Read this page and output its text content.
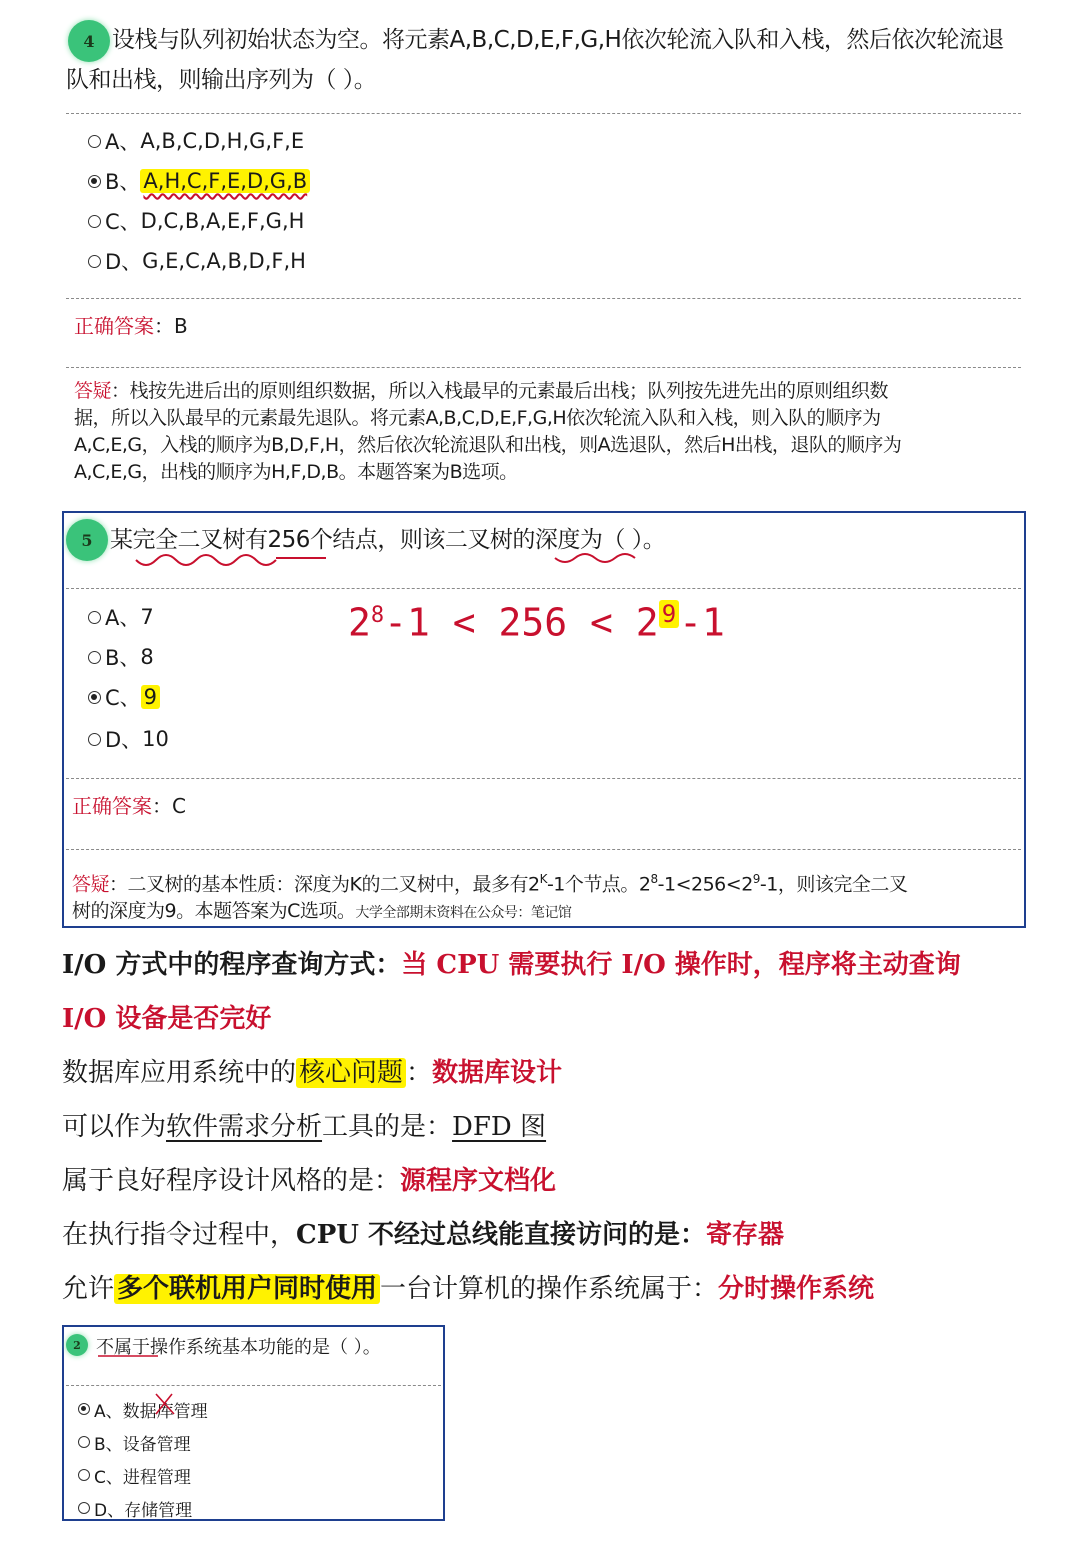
4 设栈与队列初始状态为空。将元素A,B,C,D,E,F,G,H依次轮流入队和入栈，然后依次轮流退
队和出栈，则输出序列为（ ）。
A、 A,B,C,D,H,G,F,E
B、 A,H,C,F,E,D,G,B
C、 D,C,B,A,E,F,G,H
D、 G,E,C,A,B,D,F,H
正确答案：B
答疑：栈按先进后出的原则组织数据，所以入栈最早的元素最后出栈；队列按先进先出的原则组织数
据，所以入队最早的元素最先退队。将元素A,B,C,D,E,F,G,H依次轮流入队和入栈，则入队的顺序为
A,C,E,G，入栈的顺序为B,D,F,H，然后依次轮流退队和出栈，则A选退队，然后H出栈，退队的顺序为
A,C,E,G，出栈的顺序为H,F,D,B。本题答案为B选项。
5 某完全二叉树有256个结点，则该二叉树的深度为（ ）。
A、 7
B、 8
C、 9
D、 10
$2^8-1 < 256 < 2$ $^9$-1
正确答案：C
答疑：二叉树的基本性质：深度为K的二叉树中，最多有$2^K-1$个节点。$2^8-1<256<2^9-1$，则该完全二叉
树的深度为9。本题答案为C选项。大学全部期末资料在公众号：笔记馆
I/O 方式中的程序查询方式：当 CPU 需要执行 I/O 操作时，程序将主动查询
I/O 设备是否完好
数据库应用系统中的 核心问题 ：数据库设计
可以作为软件需求分析工具的是：DFD 图
属于良好程序设计风格的是：源程序文档化
在执行指令过程中，CPU 不经过总线能直接访问的是：寄存器
允许 多个联机用户同时使用 一台计算机的操作系统属于：分时操作系统
2 不属于操作系统基本功能的是（ ）。
A、 数据库管理
B、 设备管理
C、 进程管理
D、 存储管理
